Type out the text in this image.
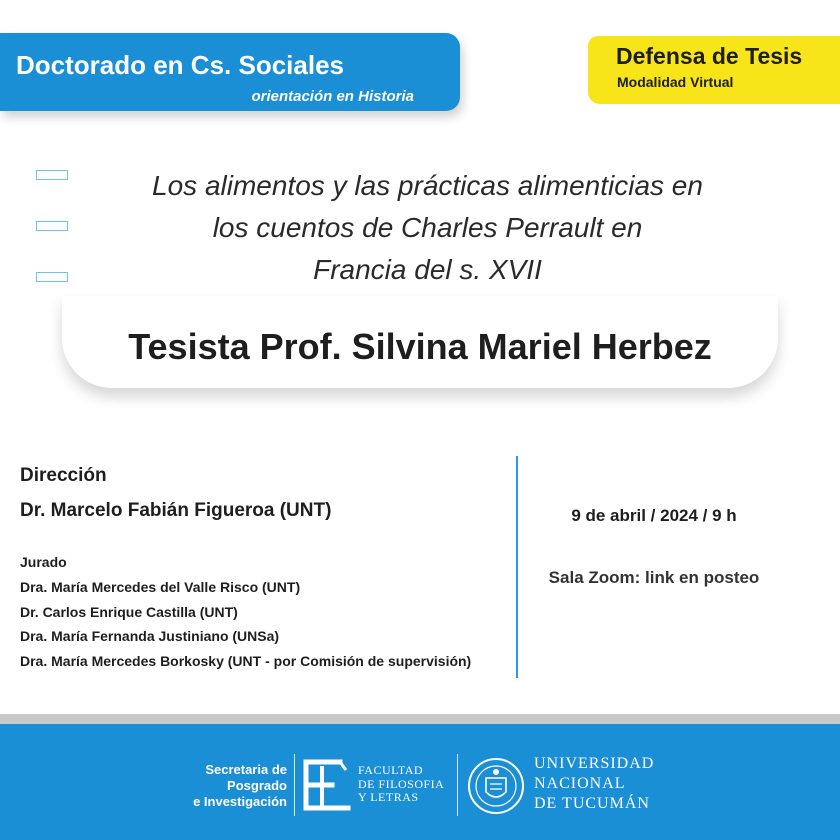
Doctorado en Cs. Sociales
orientación en Historia
Defensa de Tesis
Modalidad Virtual
Los alimentos y las prácticas alimenticias en
los cuentos de Charles Perrault en
Francia del s. XVII
Tesista Prof. Silvina Mariel Herbez
Dirección
Dr. Marcelo Fabián Figueroa (UNT)
Jurado
Dra. María Mercedes del Valle Risco (UNT)
Dr. Carlos Enrique Castilla (UNT)
Dra. María Fernanda Justiniano (UNSa)
Dra. María Mercedes Borkosky (UNT - por Comisión de supervisión)
9 de abril / 2024 / 9 h
Sala Zoom: link en posteo
Secretaria de
Posgrado
e Investigación
FACULTAD
DE FILOSOFIA
Y LETRAS
UNIVERSIDAD
NACIONAL
DE TUCUMÁN
